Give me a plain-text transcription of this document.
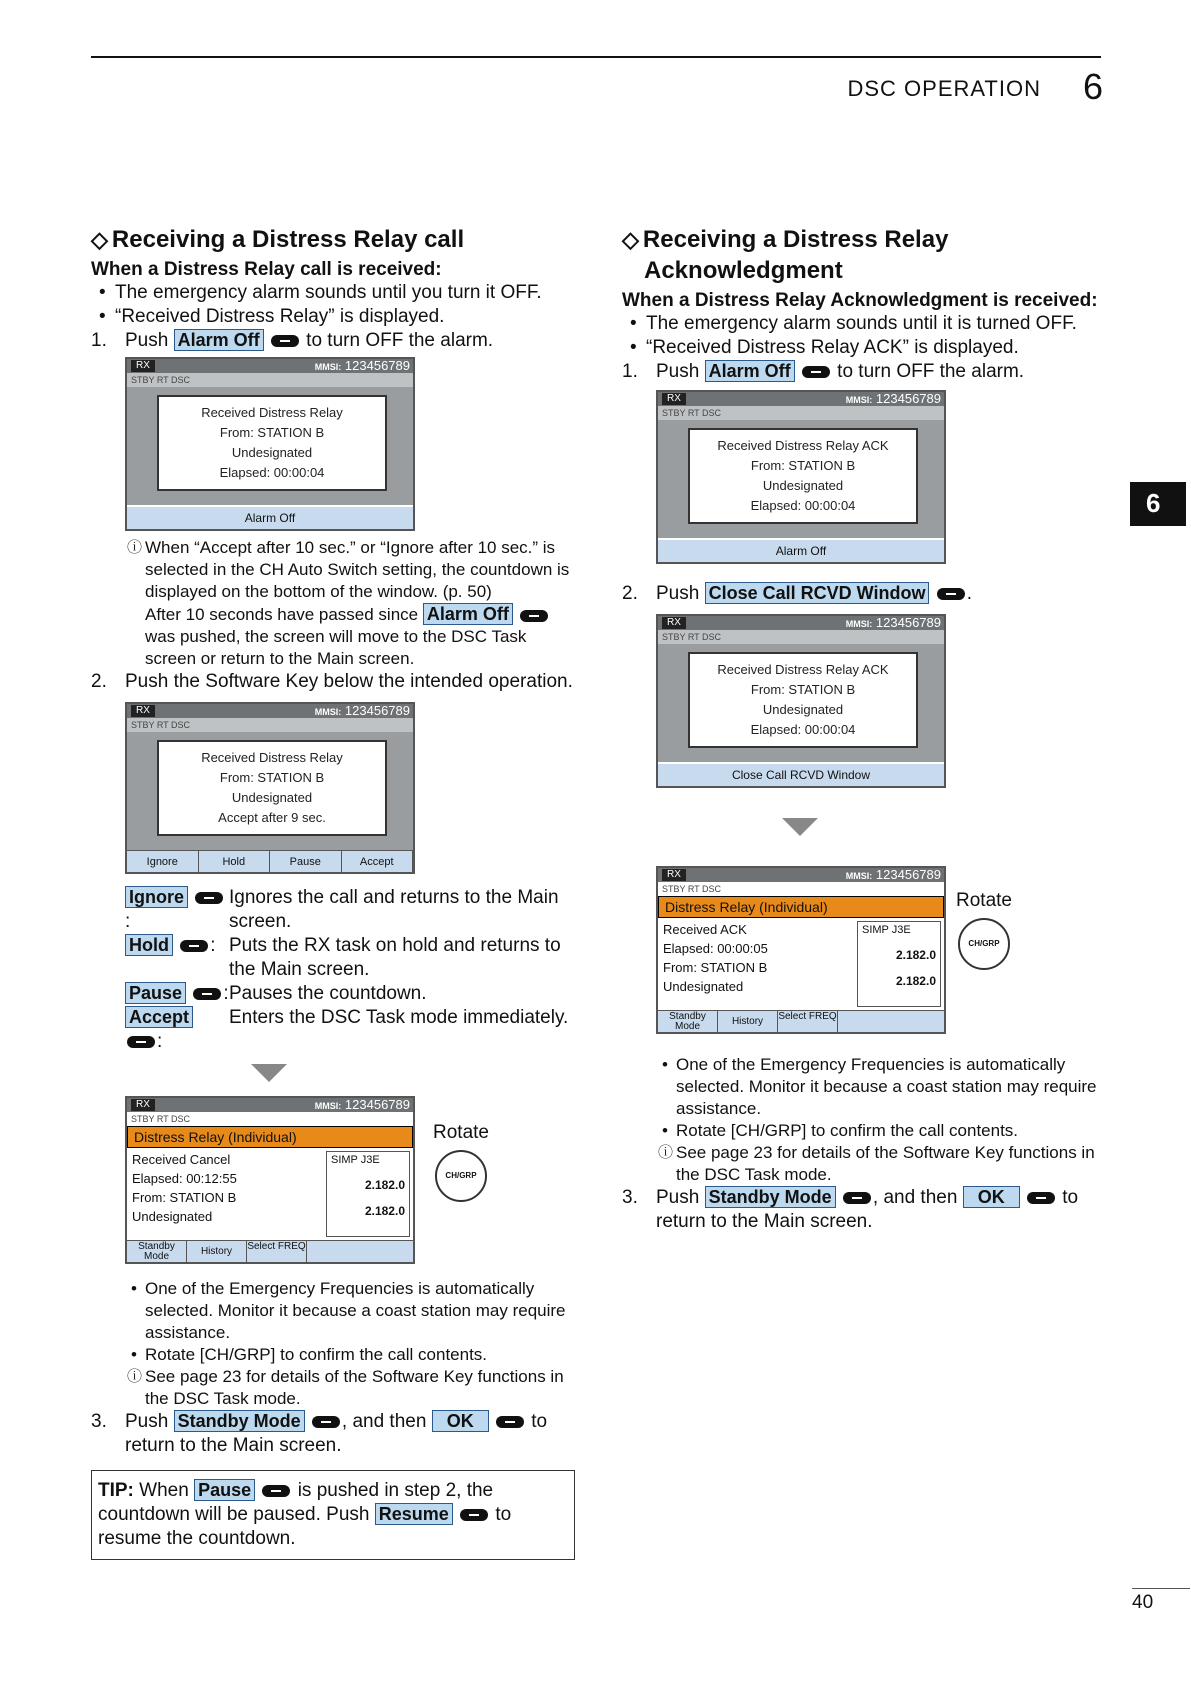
DSC OPERATION 6
6
40
◇ Receiving a Distress Relay call
When a Distress Relay call is received:
• The emergency alarm sounds until you turn it OFF.
• “Received Distress Relay” is displayed.
1. Push Alarm Off to turn OFF the alarm.
RX	MMSI: 123456789
STBY RT DSC
Received Distress Relay
From: STATION B
Undesignated
Elapsed: 00:00:04
Alarm Off
ⓘ When “Accept after 10 sec.” or “Ignore after 10 sec.” is selected in the CH Auto Switch setting, the countdown is displayed on the bottom of the window. (p. 50)
After 10 seconds have passed since Alarm Off  was pushed, the screen will move to the DSC Task screen or return to the Main screen.
2. Push the Software Key below the intended operation.
RX	MMSI: 123456789
STBY RT DSC
Received Distress Relay
From: STATION B
Undesignated
Accept after 9 sec.
Ignore	Hold	Pause	Accept
Ignore :
Ignores the call and returns to the Main screen.
Hold : Puts the RX task on hold and returns to the Main screen.
Pause : Pauses the countdown.
Accept :
Enters the DSC Task mode immediately.
RX	MMSI: 123456789
STBY RT DSC
Distress Relay (Individual)
Received Cancel
Elapsed: 00:12:55
From: STATION B
Undesignated
SIMP J3E
2.182.0
2.182.0
Standby Mode	History	Select FREQ
Rotate
CH/GRP
• One of the Emergency Frequencies is automatically selected. Monitor it because a coast station may require assistance.
• Rotate [CH/GRP] to confirm the call contents.
ⓘ See page 23 for details of the Software Key functions in the DSC Task mode.
3. Push Standby Mode , and then OK	to return to the Main screen.
TIP: When Pause is pushed in step 2, the countdown will be paused. Push Resume to resume the countdown.
◇ Receiving a Distress Relay
Acknowledgment
When a Distress Relay Acknowledgment is received:
• The emergency alarm sounds until it is turned OFF.
• “Received Distress Relay ACK” is displayed.
1. Push Alarm Off to turn OFF the alarm.
RX	MMSI: 123456789
STBY RT DSC
Received Distress Relay ACK
From: STATION B
Undesignated
Elapsed: 00:00:04
Alarm Off
2. Push Close Call RCVD Window .
RX	MMSI: 123456789
STBY RT DSC
Received Distress Relay ACK
From: STATION B
Undesignated
Elapsed: 00:00:04
Close Call RCVD Window
RX	MMSI: 123456789
STBY RT DSC
Distress Relay (Individual)
Received ACK
Elapsed: 00:00:05
From: STATION B
Undesignated
SIMP J3E
2.182.0
2.182.0
Standby Mode	History	Select FREQ
Rotate
CH/GRP
• One of the Emergency Frequencies is automatically selected. Monitor it because a coast station may require assistance.
• Rotate [CH/GRP] to confirm the call contents.
ⓘ See page 23 for details of the Software Key functions in the DSC Task mode.
3. Push Standby Mode , and then OK	to return to the Main screen.
